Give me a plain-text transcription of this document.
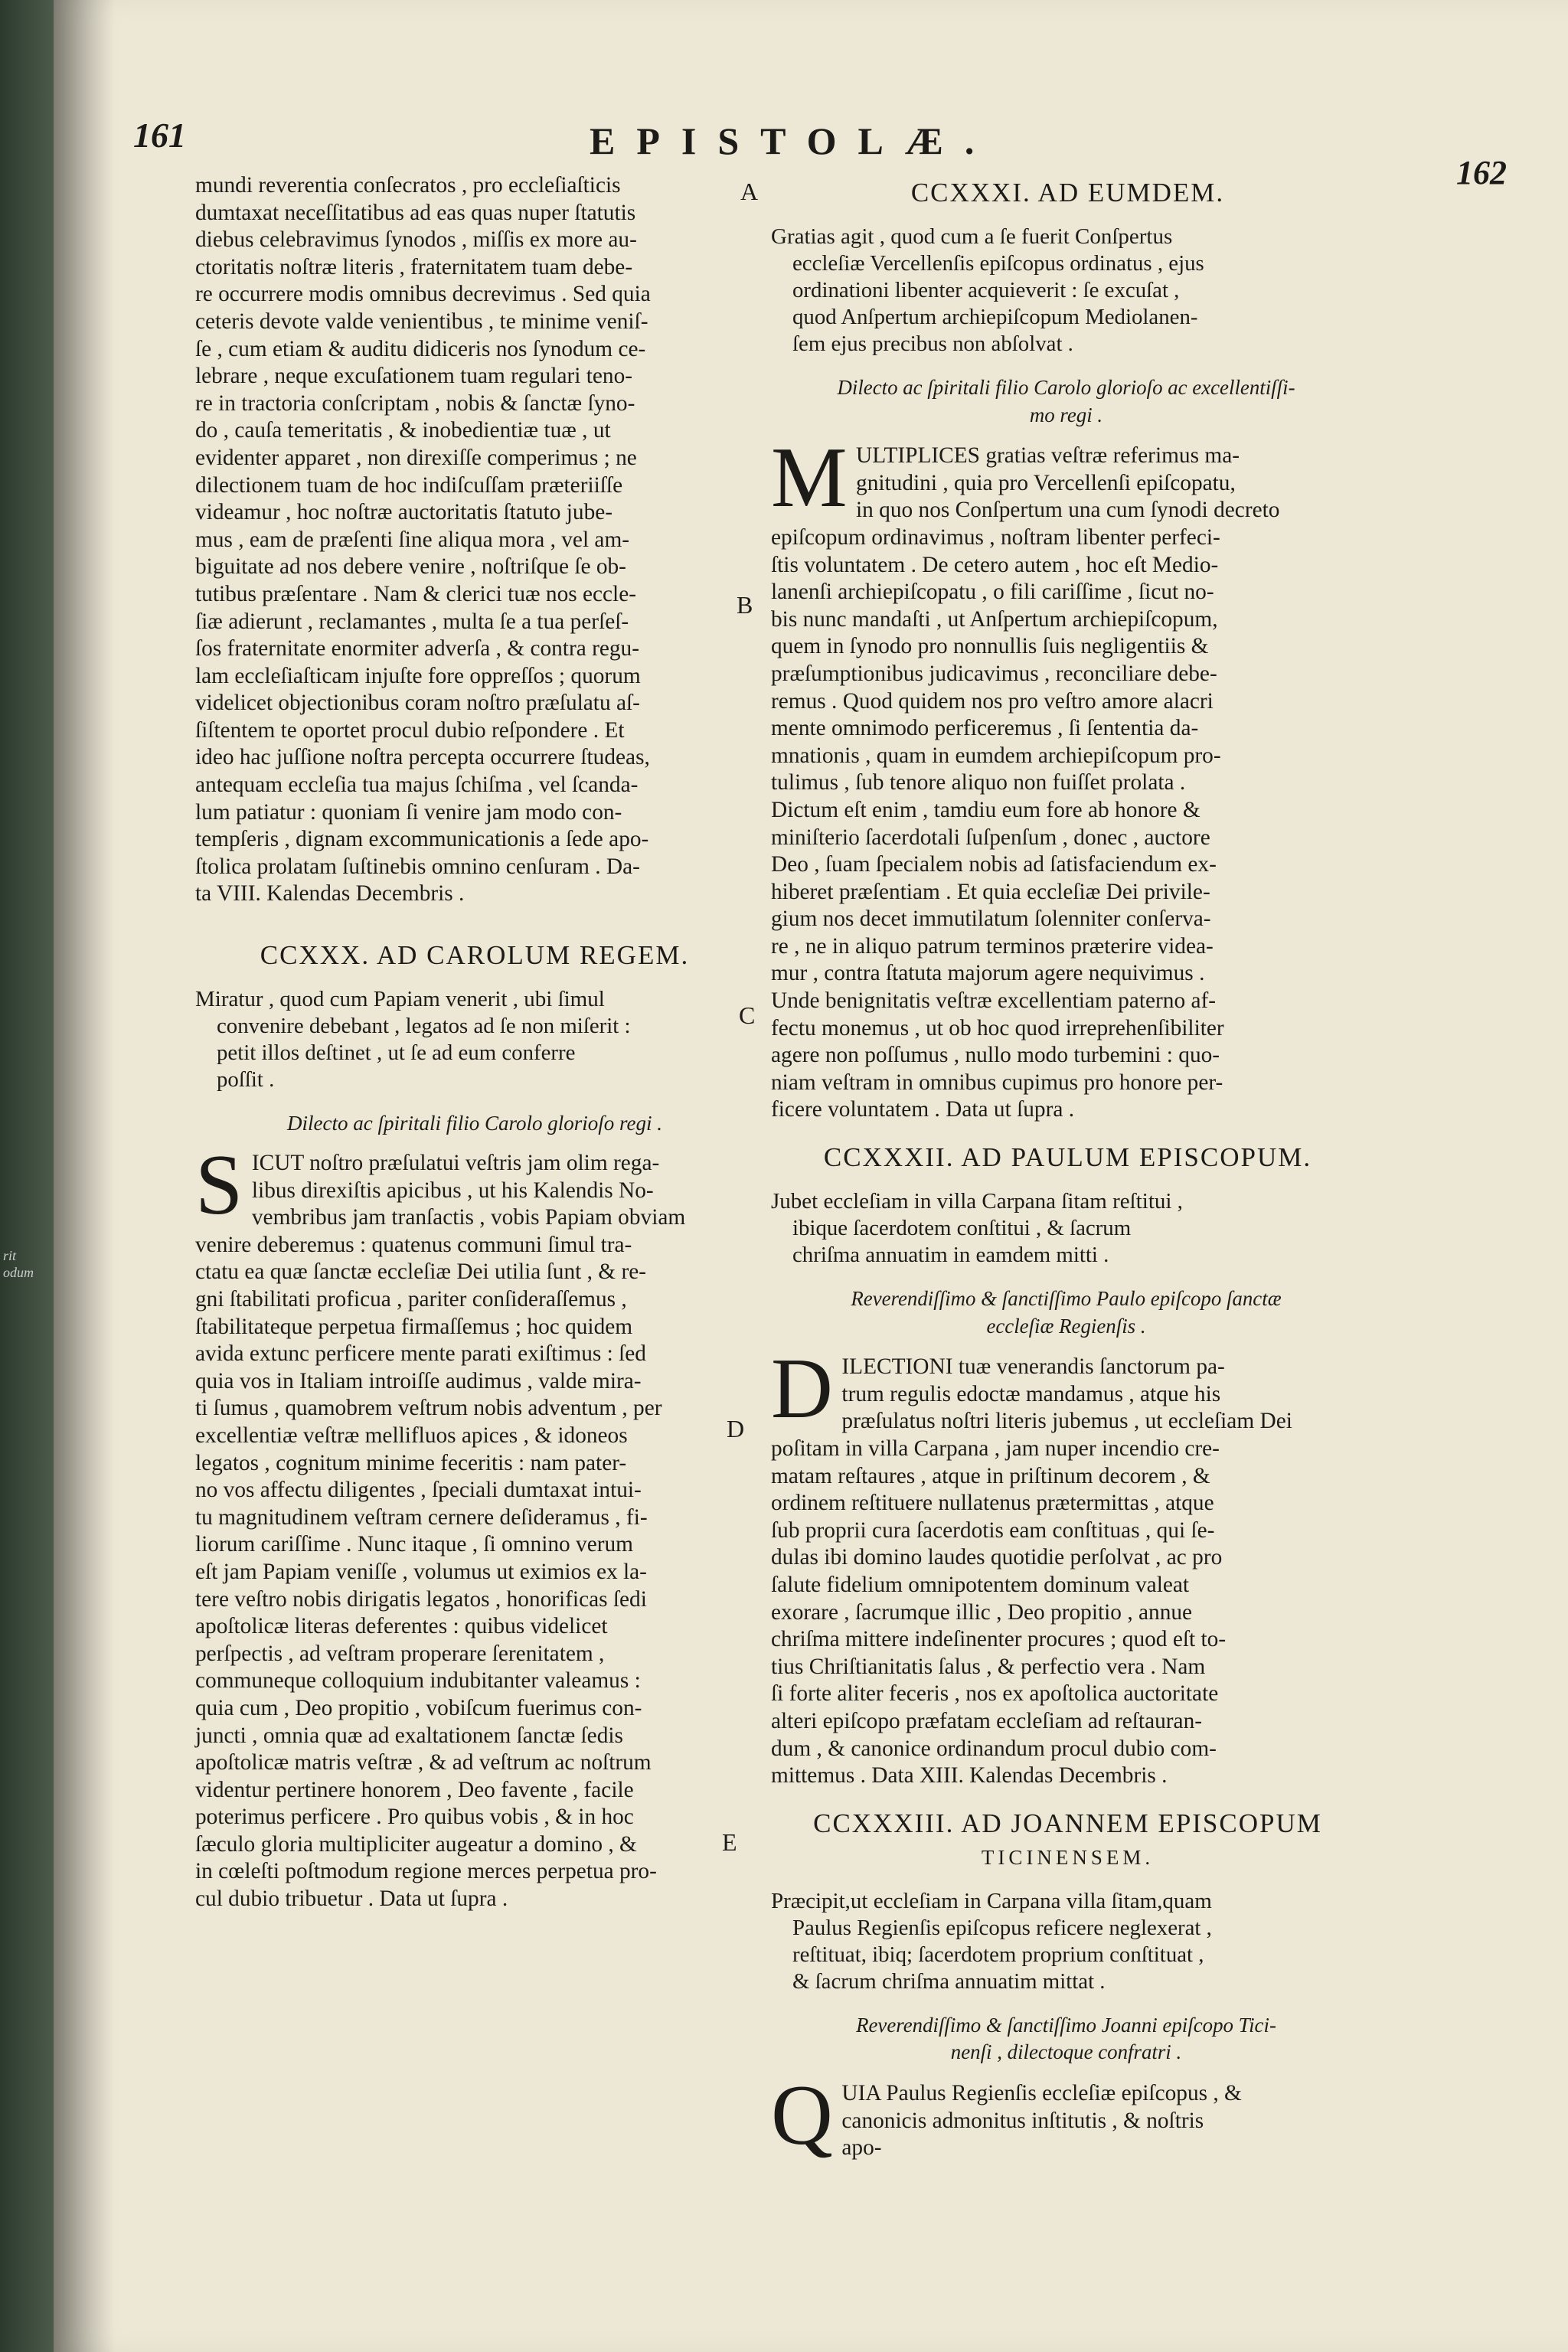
rit
odum
161	EPISTOLÆ.
162
A
B
C
D
E
mundi reverentia conſecratos , pro eccleſiaſticis
dumtaxat neceſſitatibus ad eas quas nuper ſtatutis
diebus celebravimus ſynodos , miſſis ex more au-
ctoritatis noſtræ literis , fraternitatem tuam debe-
re occurrere modis omnibus decrevimus . Sed quia
ceteris devote valde venientibus , te minime veniſ-
ſe , cum etiam & auditu didiceris nos ſynodum ce-
lebrare , neque excuſationem tuam regulari teno-
re in tractoria conſcriptam , nobis & ſanctæ ſyno-
do , cauſa temeritatis , & inobedientiæ tuæ , ut
evidenter apparet , non direxiſſe comperimus ; ne
dilectionem tuam de hoc indiſcuſſam præteriiſſe
videamur , hoc noſtræ auctoritatis ſtatuto jube-
mus , eam de præſenti ſine aliqua mora , vel am-
biguitate ad nos debere venire , noſtriſque ſe ob-
tutibus præſentare . Nam & clerici tuæ nos eccle-
ſiæ adierunt , reclamantes , multa ſe a tua perſeſ-
ſos fraternitate enormiter adverſa , & contra regu-
lam eccleſiaſticam injuſte fore oppreſſos ; quorum
videlicet objectionibus coram noſtro præſulatu aſ-
ſiſtentem te oportet procul dubio reſpondere . Et
ideo hac juſſione noſtra percepta occurrere ſtudeas,
antequam eccleſia tua majus ſchiſma , vel ſcanda-
lum patiatur : quoniam ſi venire jam modo con-
tempſeris , dignam excommunicationis a ſede apo-
ſtolica prolatam ſuſtinebis omnino cenſuram . Da-
ta VIII. Kalendas Decembris .
CCXXX. AD CAROLUM REGEM.
Miratur , quod cum Papiam venerit , ubi ſimul
convenire debebant , legatos ad ſe non miſerit :
petit illos deſtinet , ut ſe ad eum conferre
poſſit .
Dilecto ac ſpiritali filio Carolo glorioſo regi .
S ICUT noſtro præſulatui veſtris jam olim rega-
libus direxiſtis apicibus , ut his Kalendis No-
vembribus jam tranſactis , vobis Papiam obviam
venire deberemus : quatenus communi ſimul tra-
ctatu ea quæ ſanctæ eccleſiæ Dei utilia ſunt , & re-
gni ſtabilitati proficua , pariter conſideraſſemus ,
ſtabilitateque perpetua firmaſſemus ; hoc quidem
avida extunc perficere mente parati exiſtimus : ſed
quia vos in Italiam introiſſe audimus , valde mira-
ti ſumus , quamobrem veſtrum nobis adventum , per
excellentiæ veſtræ mellifluos apices , & idoneos
legatos , cognitum minime feceritis : nam pater-
no vos affectu diligentes , ſpeciali dumtaxat intui-
tu magnitudinem veſtram cernere deſideramus , fi-
liorum cariſſime . Nunc itaque , ſi omnino verum
eſt jam Papiam veniſſe , volumus ut eximios ex la-
tere veſtro nobis dirigatis legatos , honorificas ſedi
apoſtolicæ literas deferentes : quibus videlicet
perſpectis , ad veſtram properare ſerenitatem ,
communeque colloquium indubitanter valeamus :
quia cum , Deo propitio , vobiſcum fuerimus con-
juncti , omnia quæ ad exaltationem ſanctæ ſedis
apoſtolicæ matris veſtræ , & ad veſtrum ac noſtrum
videntur pertinere honorem , Deo favente , facile
poterimus perficere . Pro quibus vobis , & in hoc
ſæculo gloria multipliciter augeatur a domino , &
in cœleſti poſtmodum regione merces perpetua pro-
cul dubio tribuetur . Data ut ſupra .
CCXXXI. AD EUMDEM.
Gratias agit , quod cum a ſe fuerit Conſpertus
eccleſiæ Vercellenſis epiſcopus ordinatus , ejus
ordinationi libenter acquieverit : ſe excuſat ,
quod Anſpertum archiepiſcopum Mediolanen-
ſem ejus precibus non abſolvat .
Dilecto ac ſpiritali filio Carolo glorioſo ac excellentiſſi-
mo regi .
M ULTIPLICES gratias veſtræ referimus ma-
gnitudini , quia pro Vercellenſi epiſcopatu,
in quo nos Conſpertum una cum ſynodi decreto
epiſcopum ordinavimus , noſtram libenter perfeci-
ſtis voluntatem . De cetero autem , hoc eſt Medio-
lanenſi archiepiſcopatu , o fili cariſſime , ſicut no-
bis nunc mandaſti , ut Anſpertum archiepiſcopum,
quem in ſynodo pro nonnullis ſuis negligentiis &
præſumptionibus judicavimus , reconciliare debe-
remus . Quod quidem nos pro veſtro amore alacri
mente omnimodo perficeremus , ſi ſententia da-
mnationis , quam in eumdem archiepiſcopum pro-
tulimus , ſub tenore aliquo non fuiſſet prolata .
Dictum eſt enim , tamdiu eum fore ab honore &
miniſterio ſacerdotali ſuſpenſum , donec , auctore
Deo , ſuam ſpecialem nobis ad ſatisfaciendum ex-
hiberet præſentiam . Et quia eccleſiæ Dei privile-
gium nos decet immutilatum ſolenniter conſerva-
re , ne in aliquo patrum terminos præterire videa-
mur , contra ſtatuta majorum agere nequivimus .
Unde benignitatis veſtræ excellentiam paterno af-
fectu monemus , ut ob hoc quod irreprehenſibiliter
agere non poſſumus , nullo modo turbemini : quo-
niam veſtram in omnibus cupimus pro honore per-
ficere voluntatem . Data ut ſupra .
CCXXXII. AD PAULUM EPISCOPUM.
Jubet eccleſiam in villa Carpana ſitam reſtitui ,
ibique ſacerdotem conſtitui , & ſacrum
chriſma annuatim in eamdem mitti .
Reverendiſſimo & ſanctiſſimo Paulo epiſcopo ſanctæ
eccleſiæ Regienſis .
D ILECTIONI tuæ venerandis ſanctorum pa-
trum regulis edoctæ mandamus , atque his
præſulatus noſtri literis jubemus , ut eccleſiam Dei
poſitam in villa Carpana , jam nuper incendio cre-
matam reſtaures , atque in priſtinum decorem , &
ordinem reſtituere nullatenus prætermittas , atque
ſub proprii cura ſacerdotis eam conſtituas , qui ſe-
dulas ibi domino laudes quotidie perſolvat , ac pro
ſalute fidelium omnipotentem dominum valeat
exorare , ſacrumque illic , Deo propitio , annue
chriſma mittere indeſinenter procures ; quod eſt to-
tius Chriſtianitatis ſalus , & perfectio vera . Nam
ſi forte aliter feceris , nos ex apoſtolica auctoritate
alteri epiſcopo præfatam eccleſiam ad reſtauran-
dum , & canonice ordinandum procul dubio com-
mittemus . Data XIII. Kalendas Decembris .
CCXXXIII. AD JOANNEM EPISCOPUM
TICINENSEM.
Præcipit,ut eccleſiam in Carpana villa ſitam,quam
Paulus Regienſis epiſcopus reficere neglexerat ,
reſtituat, ibiq; ſacerdotem proprium conſtituat ,
& ſacrum chriſma annuatim mittat .
Reverendiſſimo & ſanctiſſimo Joanni epiſcopo Tici-
nenſi , dilectoque confratri .
Q UIA Paulus Regienſis eccleſiæ epiſcopus , &
canonicis admonitus inſtitutis , & noſtris
apo-
